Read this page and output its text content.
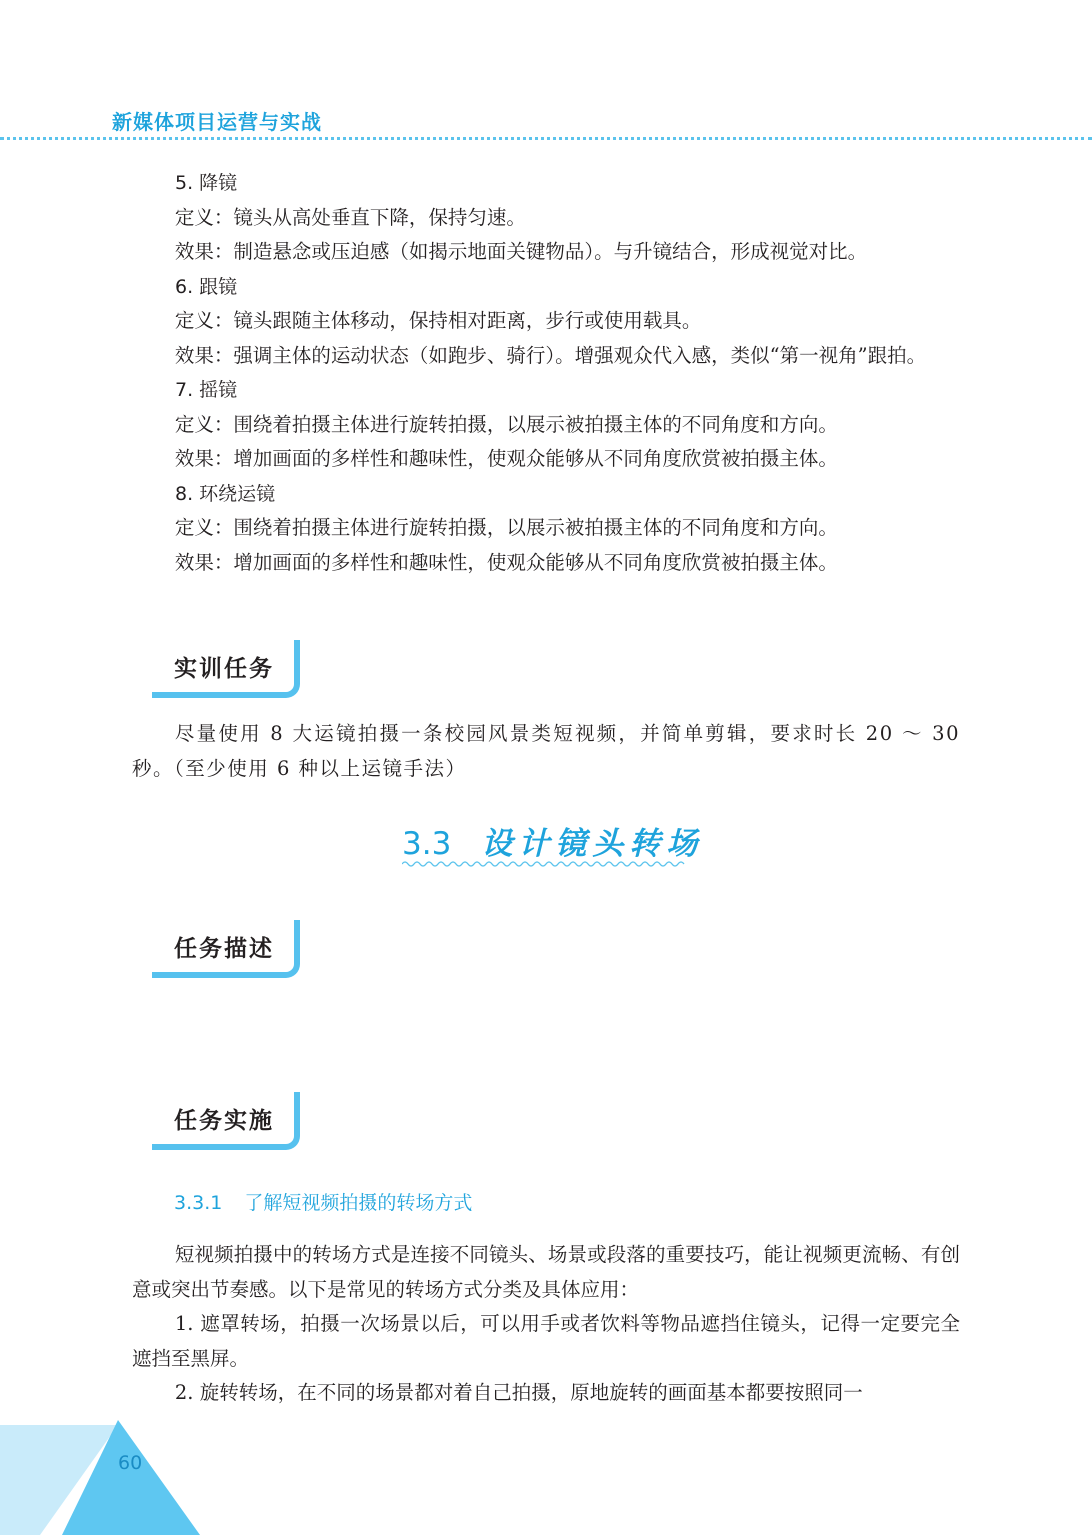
新媒体项目运营与实战

5. 降镜

定义：镜头从高处垂直下降，保持匀速。

效果：制造悬念或压迫感（如揭示地面关键物品）。与升镜结合，形成视觉对比。

6. 跟镜

定义：镜头跟随主体移动，保持相对距离，步行或使用载具。

效果：强调主体的运动状态（如跑步、骑行）。增强观众代入感，类似“第一视角”跟拍。

7. 摇镜

定义：围绕着拍摄主体进行旋转拍摄，以展示被拍摄主体的不同角度和方向。

效果：增加画面的多样性和趣味性，使观众能够从不同角度欣赏被拍摄主体。

8. 环绕运镜

定义：围绕着拍摄主体进行旋转拍摄，以展示被拍摄主体的不同角度和方向。

效果：增加画面的多样性和趣味性，使观众能够从不同角度欣赏被拍摄主体。

实训任务

尽量使用 8 大运镜拍摄一条校园风景类短视频，并简单剪辑，要求时长 20 ～ 30 秒。（至少使用 6 种以上运镜手法）

3.3 设计镜头转场
任务描述
任务实施
3.3.1 了解短视频拍摄的转场方式

短视频拍摄中的转场方式是连接不同镜头、场景或段落的重要技巧，能让视频更流畅、有创意或突出节奏感。以下是常见的转场方式分类及具体应用：

1. 遮罩转场，拍摄一次场景以后，可以用手或者饮料等物品遮挡住镜头，记得一定要完全遮挡至黑屏。

2. 旋转转场，在不同的场景都对着自己拍摄，原地旋转的画面基本都要按照同一

60
